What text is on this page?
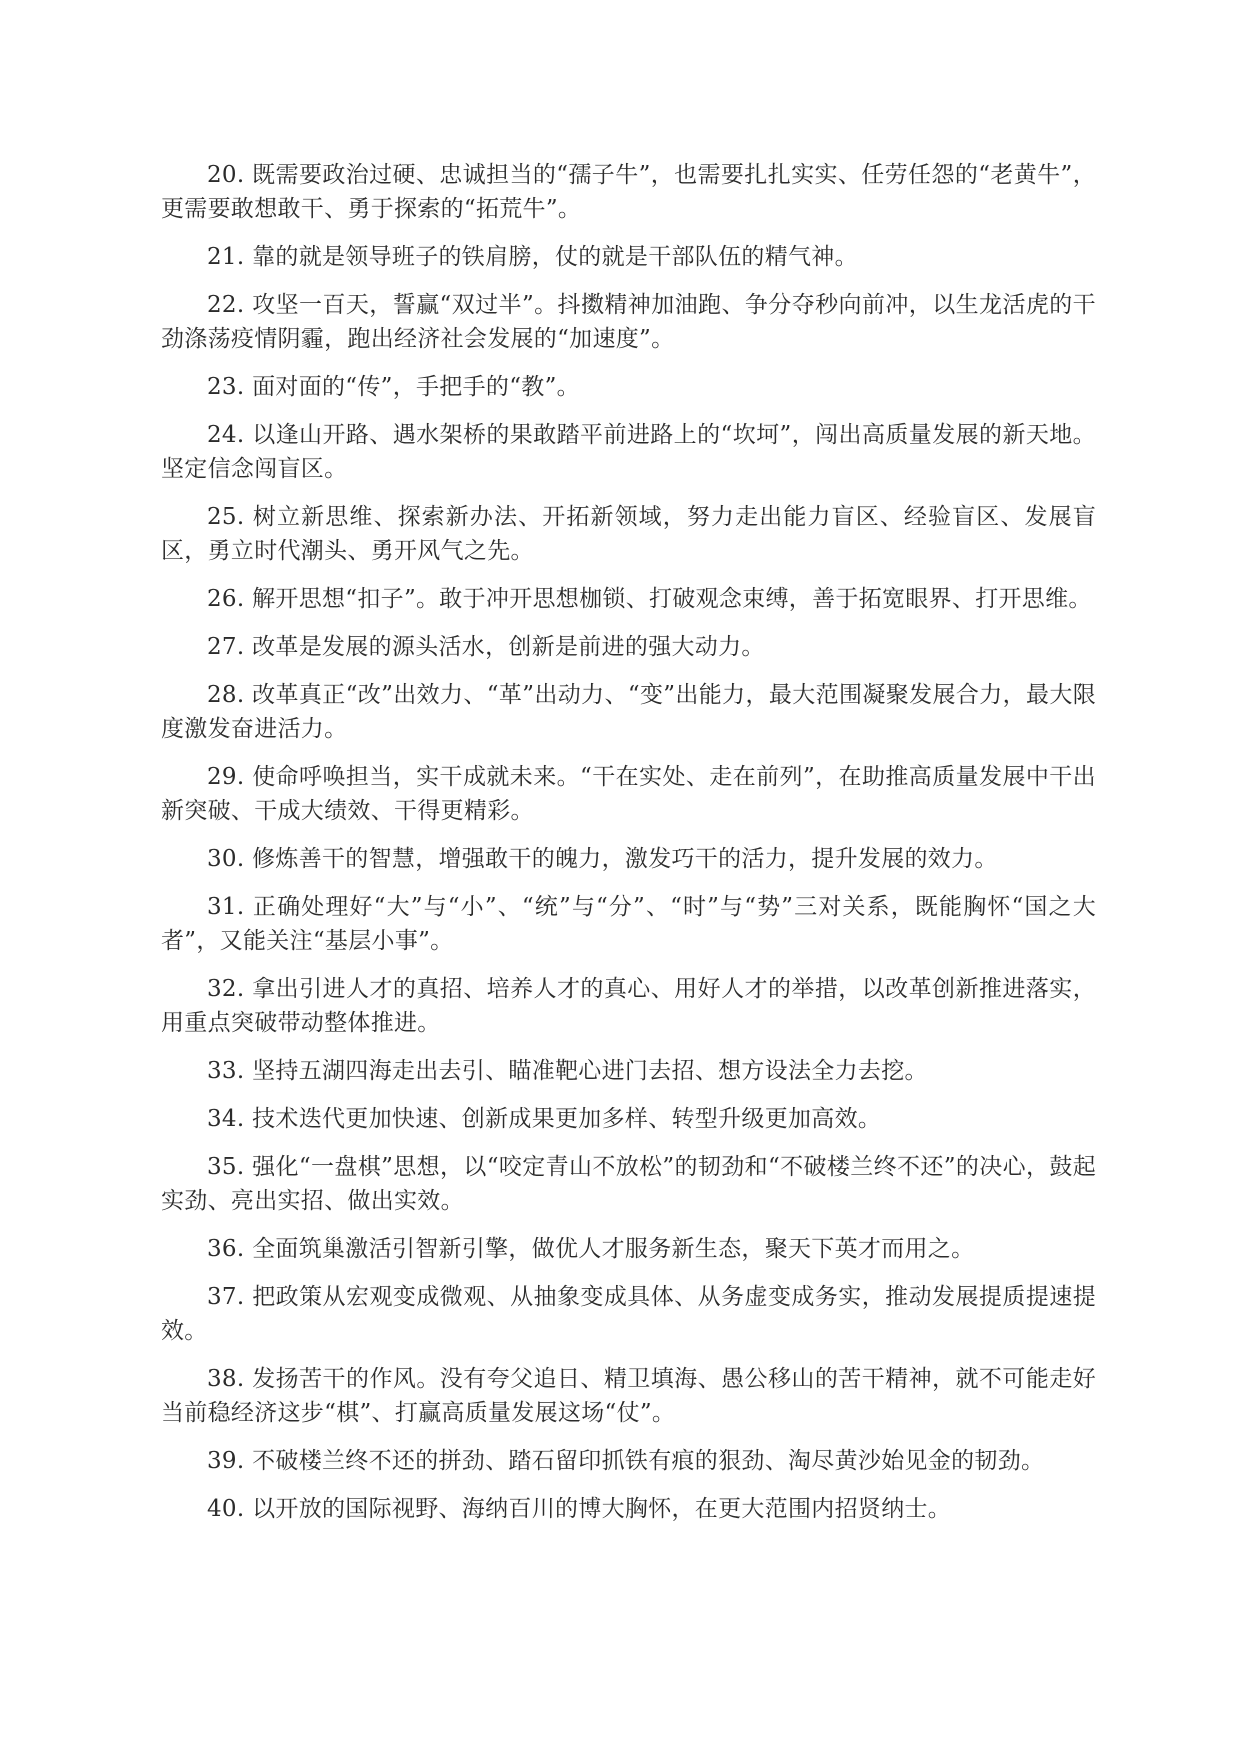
20. 既需要政治过硬、忠诚担当的“孺子牛”，也需要扎扎实实、任劳任怨的“老黄牛”，更需要敢想敢干、勇于探索的“拓荒牛”。

21. 靠的就是领导班子的铁肩膀，仗的就是干部队伍的精气神。

22. 攻坚一百天，誓赢“双过半”。抖擞精神加油跑、争分夺秒向前冲，以生龙活虎的干劲涤荡疫情阴霾，跑出经济社会发展的“加速度”。

23. 面对面的“传”，手把手的“教”。

24. 以逢山开路、遇水架桥的果敢踏平前进路上的“坎坷”，闯出高质量发展的新天地。坚定信念闯盲区。

25. 树立新思维、探索新办法、开拓新领域，努力走出能力盲区、经验盲区、发展盲区，勇立时代潮头、勇开风气之先。

26. 解开思想“扣子”。敢于冲开思想枷锁、打破观念束缚，善于拓宽眼界、打开思维。

27. 改革是发展的源头活水，创新是前进的强大动力。

28. 改革真正“改”出效力、“革”出动力、“变”出能力，最大范围凝聚发展合力，最大限度激发奋进活力。

29. 使命呼唤担当，实干成就未来。“干在实处、走在前列”，在助推高质量发展中干出新突破、干成大绩效、干得更精彩。

30. 修炼善干的智慧，增强敢干的魄力，激发巧干的活力，提升发展的效力。

31. 正确处理好“大”与“小”、“统”与“分”、“时”与“势”三对关系，既能胸怀“国之大者”，又能关注“基层小事”。

32. 拿出引进人才的真招、培养人才的真心、用好人才的举措，以改革创新推进落实，用重点突破带动整体推进。

33. 坚持五湖四海走出去引、瞄准靶心进门去招、想方设法全力去挖。

34. 技术迭代更加快速、创新成果更加多样、转型升级更加高效。

35. 强化“一盘棋”思想，以“咬定青山不放松”的韧劲和“不破楼兰终不还”的决心，鼓起实劲、亮出实招、做出实效。

36. 全面筑巢激活引智新引擎，做优人才服务新生态，聚天下英才而用之。

37. 把政策从宏观变成微观、从抽象变成具体、从务虚变成务实，推动发展提质提速提效。

38. 发扬苦干的作风。没有夸父追日、精卫填海、愚公移山的苦干精神，就不可能走好当前稳经济这步“棋”、打赢高质量发展这场“仗”。

39. 不破楼兰终不还的拼劲、踏石留印抓铁有痕的狠劲、淘尽黄沙始见金的韧劲。

40. 以开放的国际视野、海纳百川的博大胸怀，在更大范围内招贤纳士。
